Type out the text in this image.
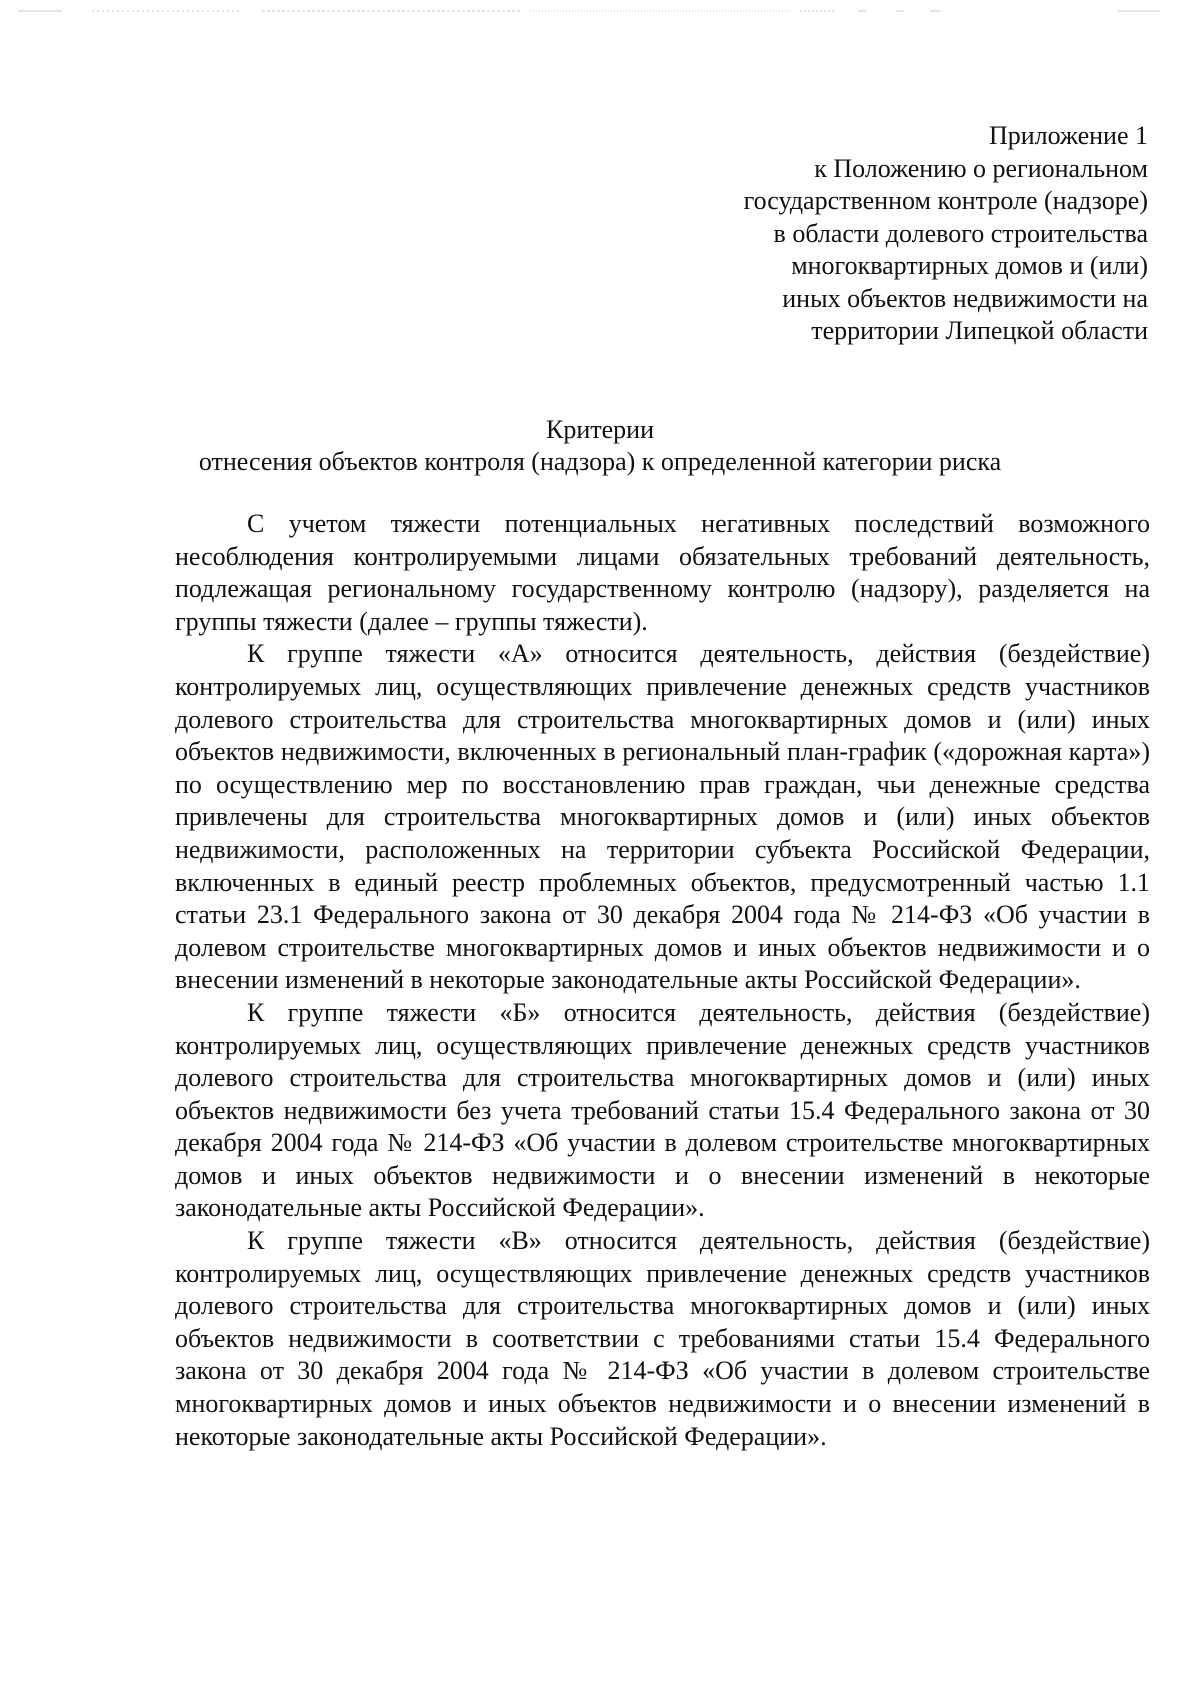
Приложение 1
к Положению о региональном
государственном контроле (надзоре)
в области долевого строительства
многоквартирных домов и (или)
иных объектов недвижимости на
территории Липецкой области
Критерии
отнесения объектов контроля (надзора) к определенной категории риска

С учетом тяжести потенциальных негативных последствий возможного несоблюдения контролируемыми лицами обязательных требований деятельность, подлежащая региональному государственному контролю (надзору), разделяется на группы тяжести (далее – группы тяжести).

К группе тяжести «А» относится деятельность, действия (бездействие) контролируемых лиц, осуществляющих привлечение денежных средств участников долевого строительства для строительства многоквартирных домов и (или) иных объектов недвижимости, включенных в региональный план-график («дорожная карта») по осуществлению мер по восстановлению прав граждан, чьи денежные средства привлечены для строительства многоквартирных домов и (или) иных объектов недвижимости, расположенных на территории субъекта Российской Федерации, включенных в единый реестр проблемных объектов, предусмотренный частью 1.1 статьи 23.1 Федерального закона от 30 декабря 2004 года № 214-ФЗ «Об участии в долевом строительстве многоквартирных домов и иных объектов недвижимости и о внесении изменений в некоторые законодательные акты Российской Федерации».

К группе тяжести «Б» относится деятельность, действия (бездействие) контролируемых лиц, осуществляющих привлечение денежных средств участников долевого строительства для строительства многоквартирных домов и (или) иных объектов недвижимости без учета требований статьи 15.4 Федерального закона от 30 декабря 2004 года № 214-ФЗ «Об участии в долевом строительстве многоквартирных домов и иных объектов недвижимости и о внесении изменений в некоторые законодательные акты Российской Федерации».

К группе тяжести «В» относится деятельность, действия (бездействие) контролируемых лиц, осуществляющих привлечение денежных средств участников долевого строительства для строительства многоквартирных домов и (или) иных объектов недвижимости в соответствии с требованиями статьи 15.4 Федерального закона от 30 декабря 2004 года № 214-ФЗ «Об участии в долевом строительстве многоквартирных домов и иных объектов недвижимости и о внесении изменений в некоторые законодательные акты Российской Федерации».
